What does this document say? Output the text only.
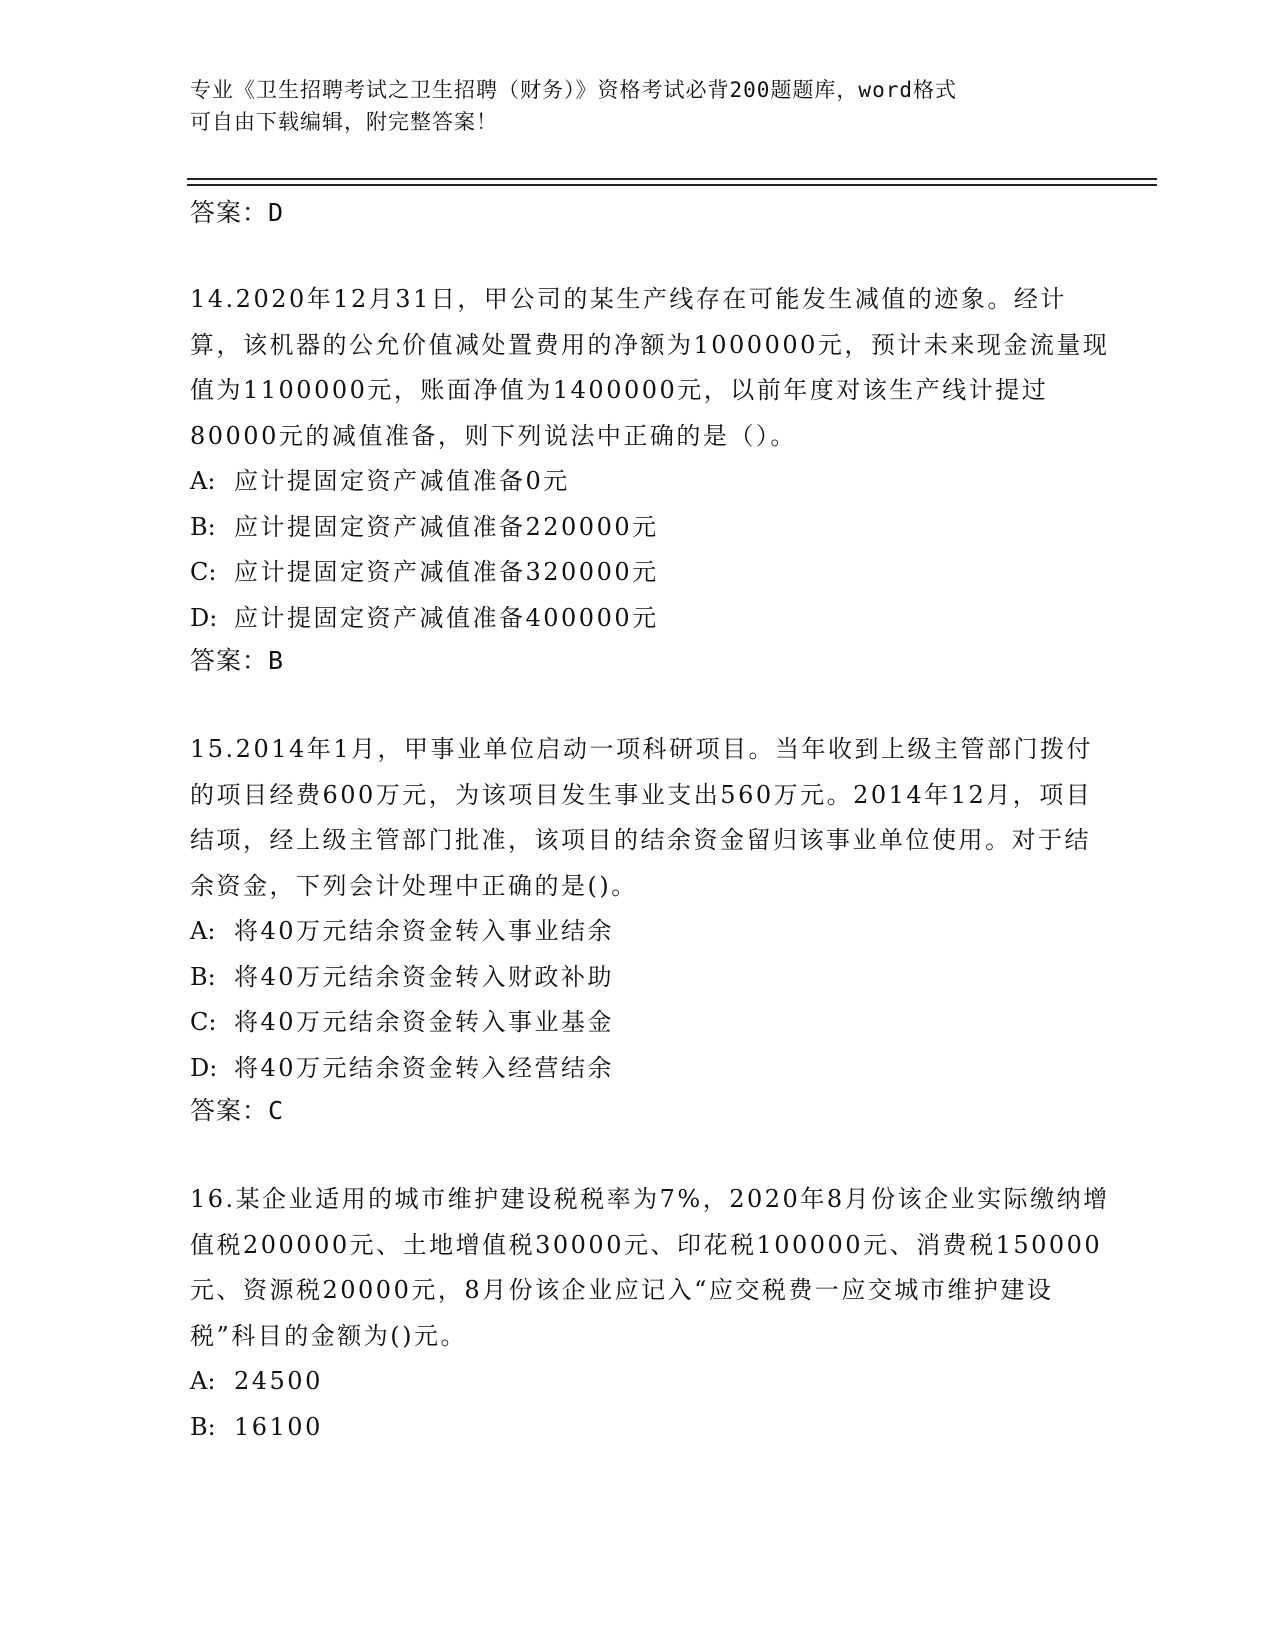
专业《卫生招聘考试之卫生招聘（财务）》资格考试必背200题题库，word格式
可自由下载编辑，附完整答案！
答案：D

14.2020年12月31日，甲公司的某生产线存在可能发生减值的迹象。经计算，该机器的公允价值减处置费用的净额为1000000元，预计未来现金流量现值为1100000元，账面净值为1400000元，以前年度对该生产线计提过80000元的减值准备，则下列说法中正确的是（）。

A: 应计提固定资产减值准备0元
B: 应计提固定资产减值准备220000元
C: 应计提固定资产减值准备320000元
D: 应计提固定资产减值准备400000元
答案：B

15.2014年1月，甲事业单位启动一项科研项目。当年收到上级主管部门拨付的项目经费600万元，为该项目发生事业支出560万元。2014年12月，项目结项，经上级主管部门批准，该项目的结余资金留归该事业单位使用。对于结余资金，下列会计处理中正确的是()。

A: 将40万元结余资金转入事业结余
B: 将40万元结余资金转入财政补助
C: 将40万元结余资金转入事业基金
D: 将40万元结余资金转入经营结余
答案：C

16.某企业适用的城市维护建设税税率为7%，2020年8月份该企业实际缴纳增值税200000元、土地增值税30000元、印花税100000元、消费税150000元、资源税20000元，8月份该企业应记入“应交税费一应交城市维护建设税”科目的金额为()元。

A: 24500
B: 16100
